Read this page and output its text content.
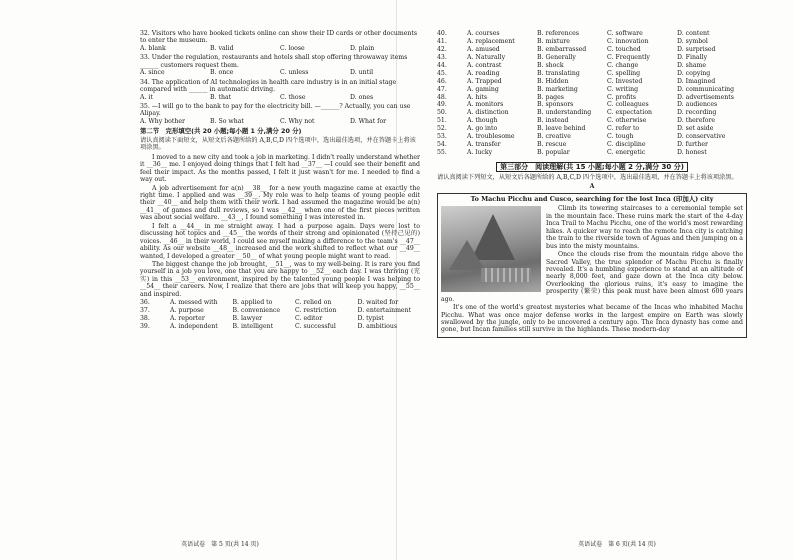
32. Visitors who have booked tickets online can show their ID cards or other documents to enter the museum.
A. blank	B. valid	C. loose	D. plain
33. Under the regulation, restaurants and hotels shall stop offering throwaway items ______ customers request them.
A. since	B. once	C. unless	D. until
34. The application of AI technologies in health care industry is in an initial stage compared with ______ in automatic driving.
A. it	B. that	C. those	D. ones
35. —I will go to the bank to pay for the electricity bill. —______? Actually, you can use Alipay.
A. Why bother	B. So what	C. Why not	D. What for
第二节　完形填空(共 20 小题;每小题 1 分,满分 20 分)
请认真阅读下面短文，从短文后各题所给的 A,B,C,D 四个选项中，选出最佳选项，并在答题卡上将该项涂黑。

I moved to a new city and took a job in marketing. I didn't really understand whether it __36__ me. I enjoyed doing things that I felt had __37__ —I could see their benefit and feel their impact. As the months passed, I felt it just wasn't for me. I needed to find a way out.

A job advertisement for a(n) __38__ for a new youth magazine came at exactly the right time. I applied and was __39__. My role was to help teams of young people edit their __40__ and help them with their work. I had assumed the magazine would be a(n) __41__ of games and dull reviews, so I was __42__ when one of the first pieces written was about social welfare. __43__, I found something I was interested in.

I felt a __44__ in me straight away. I had a purpose again. Days were lost to discussing hot topics and __45__ the words of their strong and opinionated (坚持己见的) voices. __46__ in their world, I could see myself making a difference to the team's __47__ ability. As our website __48__ increased and the work shifted to reflect what our __49__ wanted, I developed a greater __50__ of what young people might want to read.

The biggest change the job brought, __51__, was to my well-being. It is rare you find yourself in a job you love, one that you are happy to __52__ each day. I was thriving (充实) in this __53__ environment, inspired by the talented young people I was helping to __54__ their careers. Now, I realize that there are jobs that will keep you happy, __55__ and inspired.

36.	A. messed with	B. applied to	C. relied on	D. waited for
37.	A. purpose	B. convenience	C. restriction	D. entertainment
38.	A. reporter	B. lawyer	C. editor	D. typist
39.	A. independent	B. intelligent	C. successful	D. ambitious
英语试卷　第 5 页(共 14 页)
40.	A. courses	B. references	C. software	D. content
41.	A. replacement	B. mixture	C. innovation	D. symbol
42.	A. amused	B. embarrassed	C. touched	D. surprised
43.	A. Naturally	B. Generally	C. Frequently	D. Finally
44.	A. contrast	B. shock	C. change	D. shame
45.	A. reading	B. translating	C. spelling	D. copying
46.	A. Trapped	B. Hidden	C. Invested	D. Imagined
47.	A. gaming	B. marketing	C. writing	D. communicating
48.	A. hits	B. pages	C. profits	D. advertisements
49.	A. monitors	B. sponsors	C. colleagues	D. audiences
50.	A. distinction	B. understanding	C. expectation	D. recording
51.	A. though	B. instead	C. otherwise	D. therefore
52.	A. go into	B. leave behind	C. refer to	D. set aside
53.	A. troublesome	B. creative	C. tough	D. conservative
54.	A. transfer	B. rescue	C. discipline	D. further
55.	A. lucky	B. popular	C. energetic	D. honest
第三部分　阅读理解(共 15 小题;每小题 2 分,满分 30 分)
请认真阅读下列短文，从短文后各题所给的 A,B,C,D 四个选项中，选出最佳选项，并在答题卡上将该项涂黑。
A
To Machu Picchu and Cusco, searching for the lost Inca (印加人) city

Climb its towering staircases to a ceremonial temple set in the mountain face. These ruins mark the start of the 4-day Inca Trail to Machu Picchu, one of the world's most rewarding hikes. A quicker way to reach the remote Inca city is catching the train to the riverside town of Aguas and then jumping on a bus into the misty mountains.

Once the clouds rise from the mountain ridge above the Sacred Valley, the true splendor of Machu Picchu is finally revealed. It's a humbling experience to stand at an altitude of nearly 8,000 feet, and gaze down at the Inca city below. Overlooking the glorious ruins, it's easy to imagine the prosperity (繁荣) this peak must have been almost 600 years ago.

It's one of the world's greatest mysteries what became of the Incas who inhabited Machu Picchu. What was once major defense works in the largest empire on Earth was slowly swallowed by the jungle, only to be uncovered a century ago. The Inca dynasty has come and gone, but Incan families still survive in the highlands. These modern-day

英语试卷　第 6 页(共 14 页)
